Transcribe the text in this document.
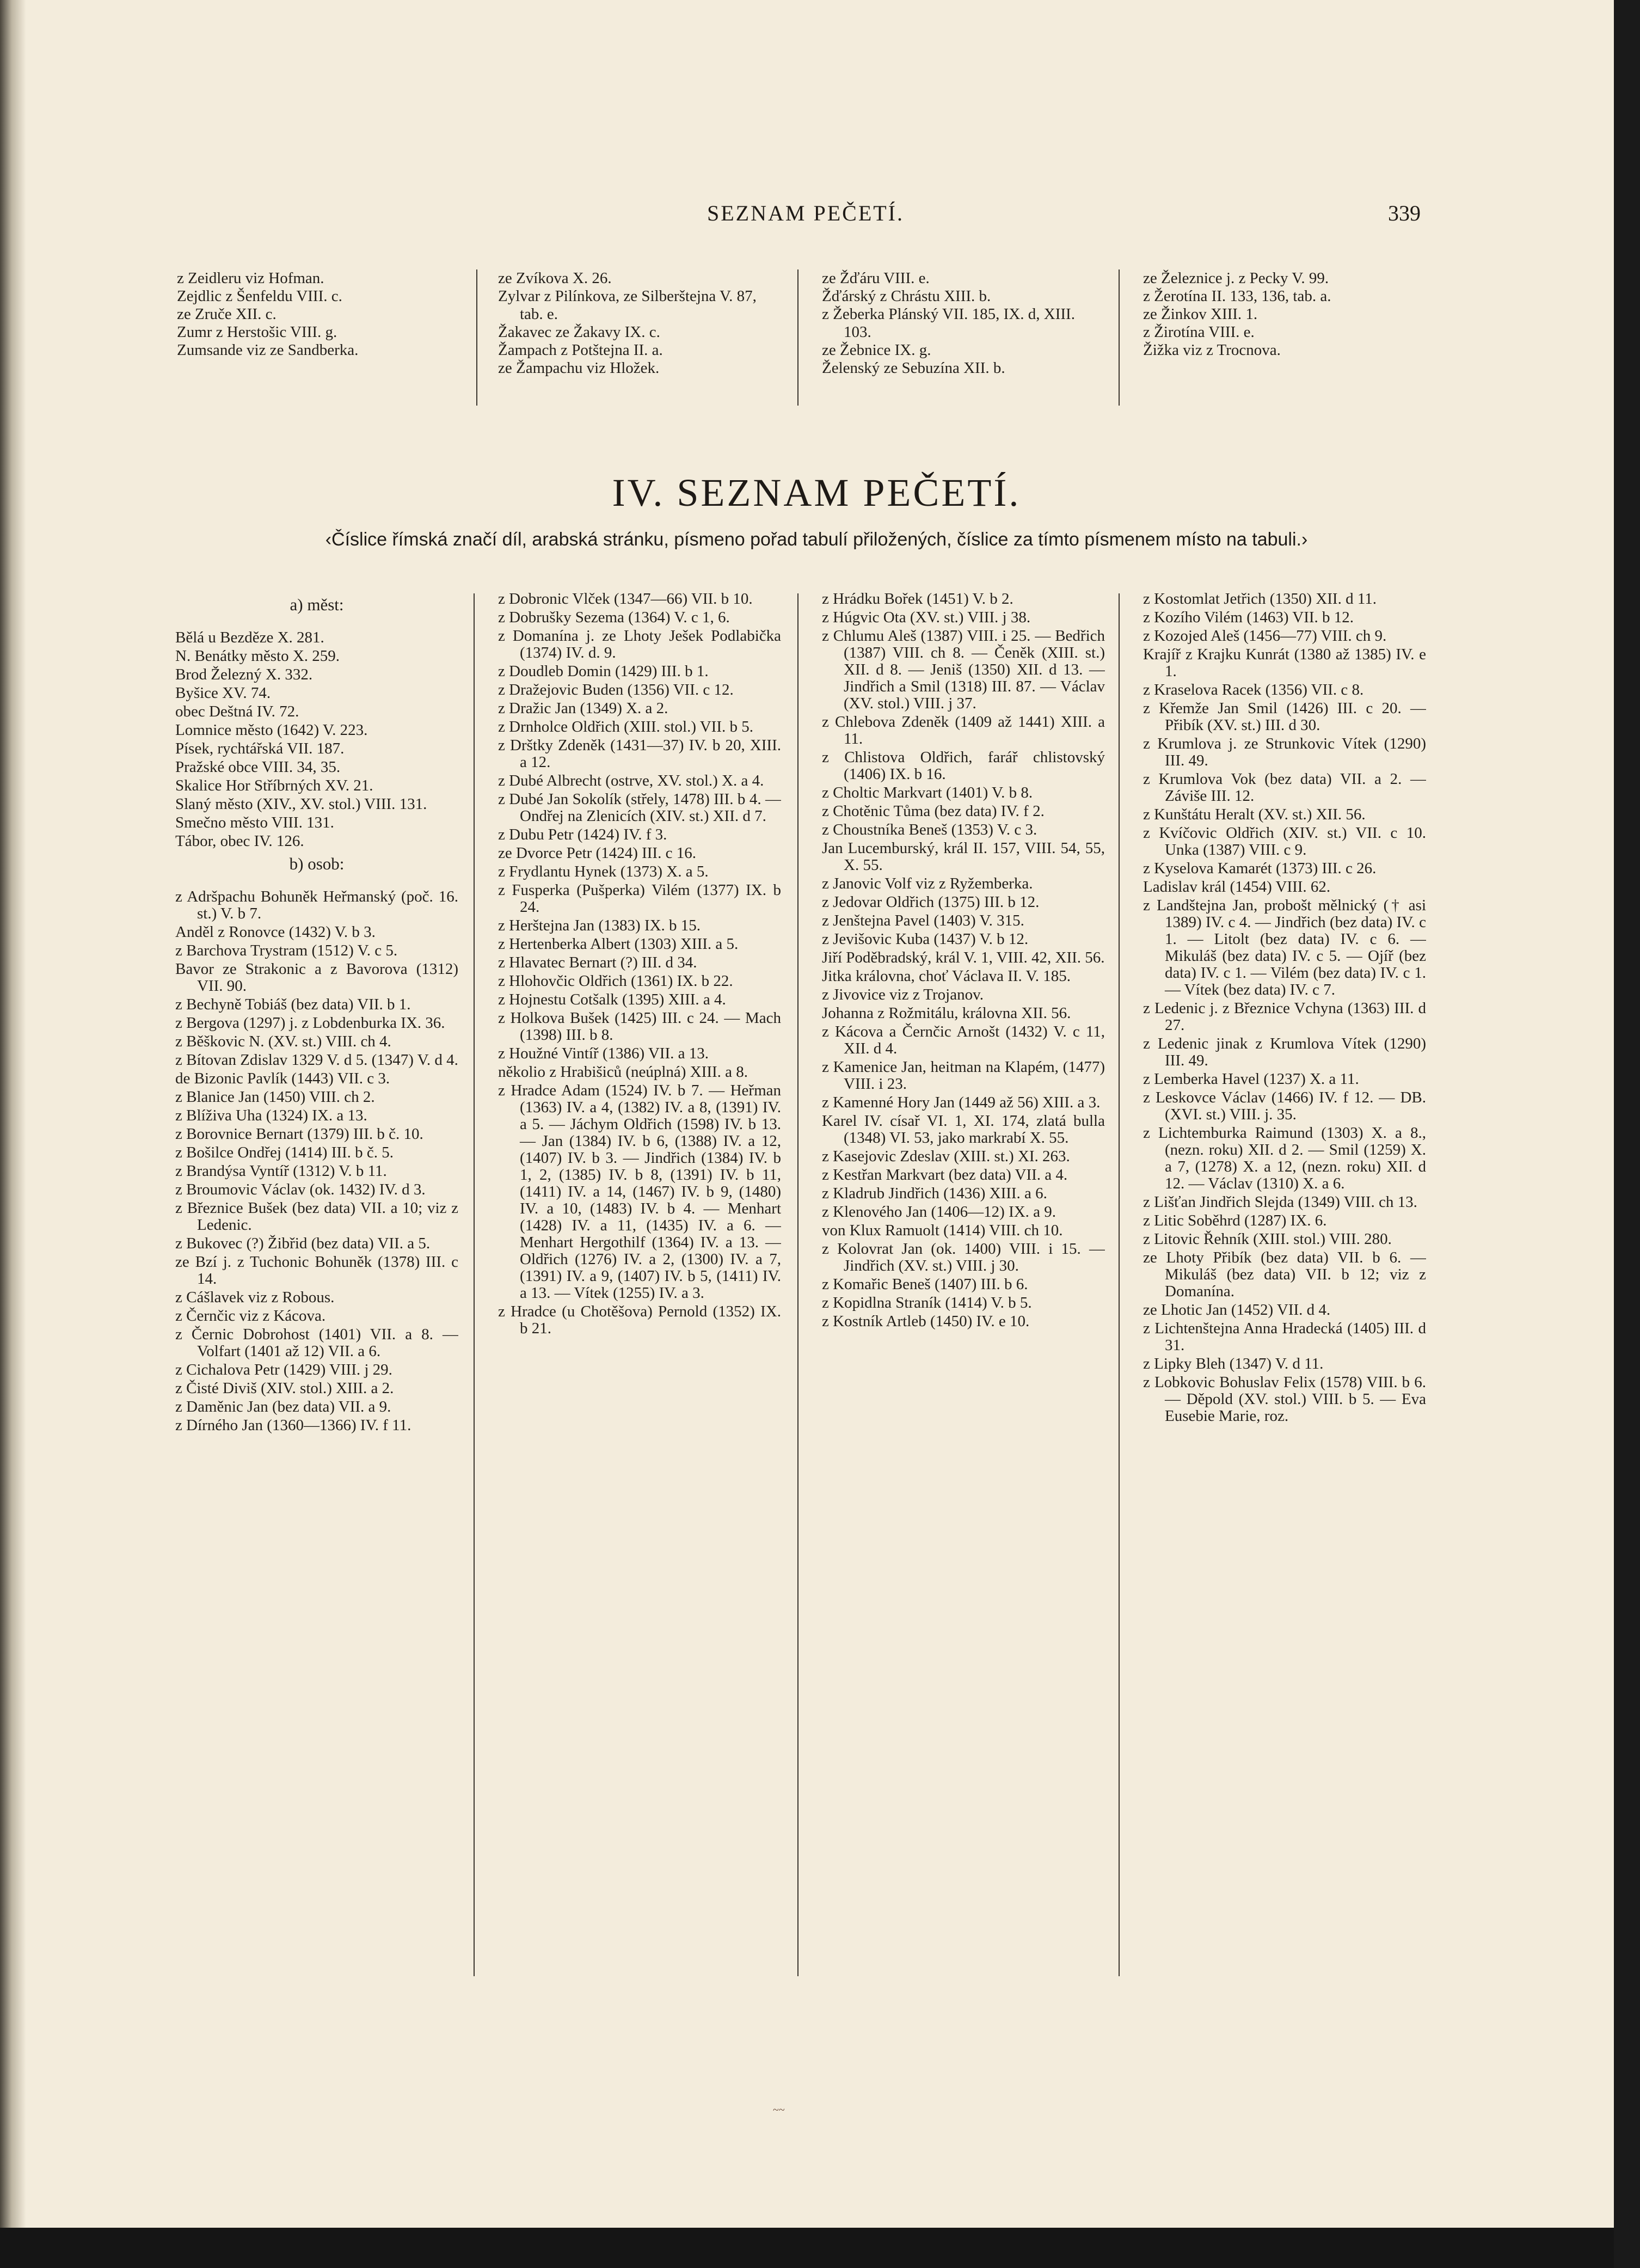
SEZNAM PEČETÍ.	339

z Zeidleru viz Hofman.

Zejdlic z Šenfeldu VIII. c.

ze Zruče XII. c.

Zumr z Herstošic VIII. g.

Zumsande viz ze Sandberka.

ze Zvíkova X. 26.

Zylvar z Pilínkova, ze Silberštejna V. 87, tab. e.

Žakavec ze Žakavy IX. c.

Žampach z Potštejna II. a.

ze Žampachu viz Hložek.

ze Žďáru VIII. e.

Žďárský z Chrástu XIII. b.

z Žeberka Plánský VII. 185, IX. d, XIII. 103.

ze Žebnice IX. g.

Želenský ze Sebuzína XII. b.

ze Železnice j. z Pecky V. 99.

z Žerotína II. 133, 136, tab. a.

ze Žinkov XIII. 1.

z Žirotína VIII. e.

Žižka viz z Trocnova.

IV. SEZNAM PEČETÍ.
‹Číslice římská značí díl, arabská stránku, písmeno pořad tabulí přiložených, číslice za tímto písmenem místo na tabuli.›

a) měst:

Bělá u Bezděze X. 281.

N. Benátky město X. 259.

Brod Železný X. 332.

Byšice XV. 74.

obec Deštná IV. 72.

Lomnice město (1642) V. 223.

Písek, rychtářská VII. 187.

Pražské obce VIII. 34, 35.

Skalice Hor Stříbrných XV. 21.

Slaný město (XIV., XV. stol.) VIII. 131.

Smečno město VIII. 131.

Tábor, obec IV. 126.

b) osob:

z Adršpachu Bohuněk Heřmanský (poč. 16. st.) V. b 7.

Anděl z Ronovce (1432) V. b 3.

z Barchova Trystram (1512) V. c 5.

Bavor ze Strakonic a z Bavorova (1312) VII. 90.

z Bechyně Tobiáš (bez data) VII. b 1.

z Bergova (1297) j. z Lobdenburka IX. 36.

z Běškovic N. (XV. st.) VIII. ch 4.

z Bítovan Zdislav 1329 V. d 5. (1347) V. d 4.

de Bizonic Pavlík (1443) VII. c 3.

z Blanice Jan (1450) VIII. ch 2.

z Blíživa Uha (1324) IX. a 13.

z Borovnice Bernart (1379) III. b č. 10.

z Bošilce Ondřej (1414) III. b č. 5.

z Brandýsa Vyntíř (1312) V. b 11.

z Broumovic Václav (ok. 1432) IV. d 3.

z Březnice Bušek (bez data) VII. a 10; viz z Ledenic.

z Bukovec (?) Žibřid (bez data) VII. a 5.

ze Bzí j. z Tuchonic Bohuněk (1378) III. c 14.

z Cášlavek viz z Robous.

z Černčic viz z Kácova.

z Černic Dobrohost (1401) VII. a 8. — Volfart (1401 až 12) VII. a 6.

z Cichalova Petr (1429) VIII. j 29.

z Čisté Diviš (XIV. stol.) XIII. a 2.

z Daměnic Jan (bez data) VII. a 9.

z Dírného Jan (1360—1366) IV. f 11.

z Dobronic Vlček (1347—66) VII. b 10.

z Dobrušky Sezema (1364) V. c 1, 6.

z Domanína j. ze Lhoty Ješek Podlabička (1374) IV. d. 9.

z Doudleb Domin (1429) III. b 1.

z Dražejovic Buden (1356) VII. c 12.

z Dražic Jan (1349) X. a 2.

z Drnholce Oldřich (XIII. stol.) VII. b 5.

z Drštky Zdeněk (1431—37) IV. b 20, XIII. a 12.

z Dubé Albrecht (ostrve, XV. stol.) X. a 4.

z Dubé Jan Sokolík (střely, 1478) III. b 4. — Ondřej na Zlenicích (XIV. st.) XII. d 7.

z Dubu Petr (1424) IV. f 3.

ze Dvorce Petr (1424) III. c 16.

z Frydlantu Hynek (1373) X. a 5.

z Fusperka (Pušperka) Vilém (1377) IX. b 24.

z Herštejna Jan (1383) IX. b 15.

z Hertenberka Albert (1303) XIII. a 5.

z Hlavatec Bernart (?) III. d 34.

z Hlohovčic Oldřich (1361) IX. b 22.

z Hojnestu Cotšalk (1395) XIII. a 4.

z Holkova Bušek (1425) III. c 24. — Mach (1398) III. b 8.

z Houžné Vintíř (1386) VII. a 13.

několio z Hrabišiců (neúplná) XIII. a 8.

z Hradce Adam (1524) IV. b 7. — Heřman (1363) IV. a 4, (1382) IV. a 8, (1391) IV. a 5. — Jáchym Oldřich (1598) IV. b 13. — Jan (1384) IV. b 6, (1388) IV. a 12, (1407) IV. b 3. — Jindřich (1384) IV. b 1, 2, (1385) IV. b 8, (1391) IV. b 11, (1411) IV. a 14, (1467) IV. b 9, (1480) IV. a 10, (1483) IV. b 4. — Menhart (1428) IV. a 11, (1435) IV. a 6. — Menhart Hergothilf (1364) IV. a 13. — Oldřich (1276) IV. a 2, (1300) IV. a 7, (1391) IV. a 9, (1407) IV. b 5, (1411) IV. a 13. — Vítek (1255) IV. a 3.

z Hradce (u Chotěšova) Pernold (1352) IX. b 21.

z Hrádku Bořek (1451) V. b 2.

z Húgvic Ota (XV. st.) VIII. j 38.

z Chlumu Aleš (1387) VIII. i 25. — Bedřich (1387) VIII. ch 8. — Čeněk (XIII. st.) XII. d 8. — Jeniš (1350) XII. d 13. — Jindřich a Smil (1318) III. 87. — Václav (XV. stol.) VIII. j 37.

z Chlebova Zdeněk (1409 až 1441) XIII. a 11.

z Chlistova Oldřich, farář chlistovský (1406) IX. b 16.

z Choltic Markvart (1401) V. b 8.

z Chotěnic Tůma (bez data) IV. f 2.

z Choustníka Beneš (1353) V. c 3.

Jan Lucemburský, král II. 157, VIII. 54, 55, X. 55.

z Janovic Volf viz z Ryžemberka.

z Jedovar Oldřich (1375) III. b 12.

z Jenštejna Pavel (1403) V. 315.

z Jevišovic Kuba (1437) V. b 12.

Jiří Poděbradský, král V. 1, VIII. 42, XII. 56.

Jitka královna, choť Václava II. V. 185.

z Jivovice viz z Trojanov.

Johanna z Rožmitálu, královna XII. 56.

z Kácova a Černčic Arnošt (1432) V. c 11, XII. d 4.

z Kamenice Jan, heitman na Klapém, (1477) VIII. i 23.

z Kamenné Hory Jan (1449 až 56) XIII. a 3.

Karel IV. císař VI. 1, XI. 174, zlatá bulla (1348) VI. 53, jako markrabí X. 55.

z Kasejovic Zdeslav (XIII. st.) XI. 263.

z Kestřan Markvart (bez data) VII. a 4.

z Kladrub Jindřich (1436) XIII. a 6.

z Klenového Jan (1406—12) IX. a 9.

von Klux Ramuolt (1414) VIII. ch 10.

z Kolovrat Jan (ok. 1400) VIII. i 15. — Jindřich (XV. st.) VIII. j 30.

z Komařic Beneš (1407) III. b 6.

z Kopidlna Straník (1414) V. b 5.

z Kostník Artleb (1450) IV. e 10.

z Kostomlat Jetřich (1350) XII. d 11.

z Kozího Vilém (1463) VII. b 12.

z Kozojed Aleš (1456—77) VIII. ch 9.

Krajíř z Krajku Kunrát (1380 až 1385) IV. e 1.

z Kraselova Racek (1356) VII. c 8.

z Křemže Jan Smil (1426) III. c 20. — Přibík (XV. st.) III. d 30.

z Krumlova j. ze Strunkovic Vítek (1290) III. 49.

z Krumlova Vok (bez data) VII. a 2. — Záviše III. 12.

z Kunštátu Heralt (XV. st.) XII. 56.

z Kvíčovic Oldřich (XIV. st.) VII. c 10. Unka (1387) VIII. c 9.

z Kyselova Kamarét (1373) III. c 26.

Ladislav král (1454) VIII. 62.

z Landštejna Jan, probošt mělnický († asi 1389) IV. c 4. — Jindřich (bez data) IV. c 1. — Litolt (bez data) IV. c 6. — Mikuláš (bez data) IV. c 5. — Ojíř (bez data) IV. c 1. — Vilém (bez data) IV. c 1. — Vítek (bez data) IV. c 7.

z Ledenic j. z Březnice Vchyna (1363) III. d 27.

z Ledenic jinak z Krumlova Vítek (1290) III. 49.

z Lemberka Havel (1237) X. a 11.

z Leskovce Václav (1466) IV. f 12. — DB. (XVI. st.) VIII. j. 35.

z Lichtemburka Raimund (1303) X. a 8., (nezn. roku) XII. d 2. — Smil (1259) X. a 7, (1278) X. a 12, (nezn. roku) XII. d 12. — Václav (1310) X. a 6.

z Lišťan Jindřich Slejda (1349) VIII. ch 13.

z Litic Soběhrd (1287) IX. 6.

z Litovic Řehník (XIII. stol.) VIII. 280.

ze Lhoty Přibík (bez data) VII. b 6. — Mikuláš (bez data) VII. b 12; viz z Domanína.

ze Lhotic Jan (1452) VII. d 4.

z Lichtenštejna Anna Hradecká (1405) III. d 31.

z Lipky Bleh (1347) V. d 11.

z Lobkovic Bohuslav Felix (1578) VIII. b 6. — Děpold (XV. stol.) VIII. b 5. — Eva Eusebie Marie, roz.

~~
